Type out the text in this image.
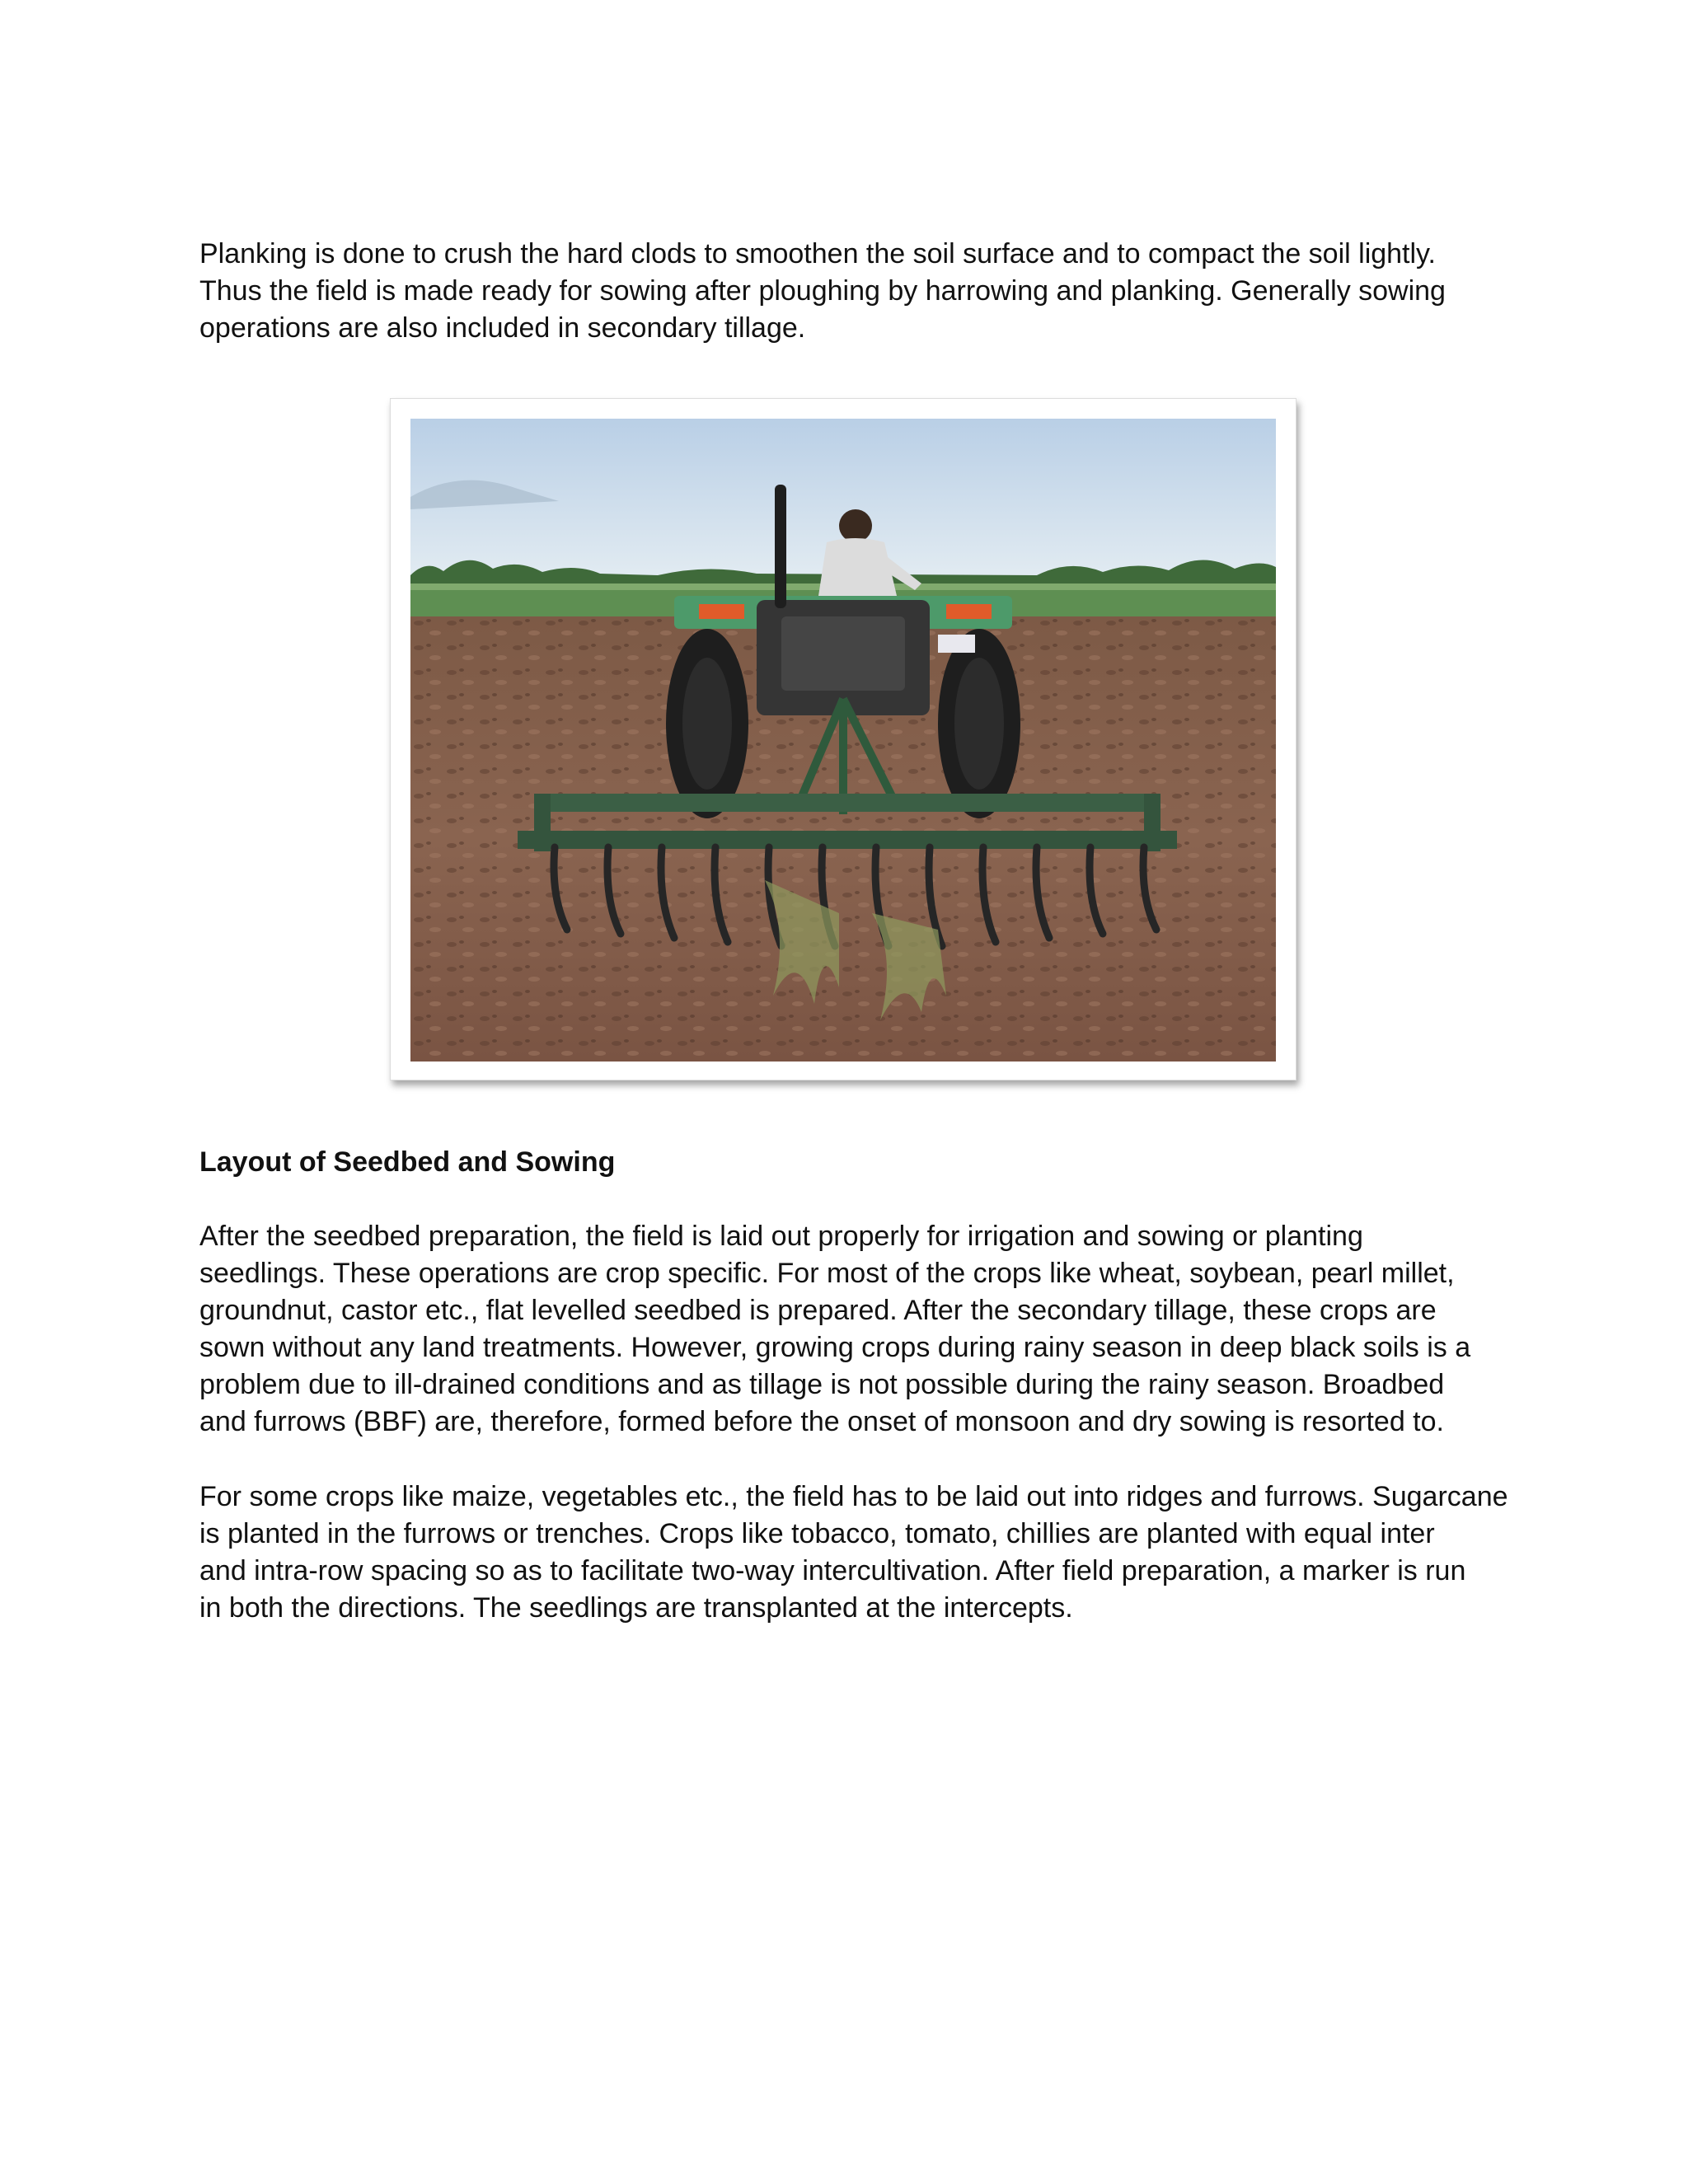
Planking is done to crush the hard clods to smoothen the soil surface and to compact the soil lightly.
Thus the field is made ready for sowing after ploughing by harrowing and planking. Generally sowing
operations are also included in secondary tillage.

Layout of Seedbed and Sowing

After the seedbed preparation, the field is laid out properly for irrigation and sowing or planting
seedlings. These operations are crop specific. For most of the crops like wheat, soybean, pearl millet,
groundnut, castor etc., flat levelled seedbed is prepared. After the secondary tillage, these crops are
sown without any land treatments. However, growing crops during rainy season in deep black soils is a
problem due to ill-drained conditions and as tillage is not possible during the rainy season. Broadbed
and furrows (BBF) are, therefore, formed before the onset of monsoon and dry sowing is resorted to.

For some crops like maize, vegetables etc., the field has to be laid out into ridges and furrows. Sugarcane
is planted in the furrows or trenches. Crops like tobacco, tomato, chillies are planted with equal inter
and intra-row spacing so as to facilitate two-way intercultivation. After field preparation, a marker is run
in both the directions. The seedlings are transplanted at the intercepts.
